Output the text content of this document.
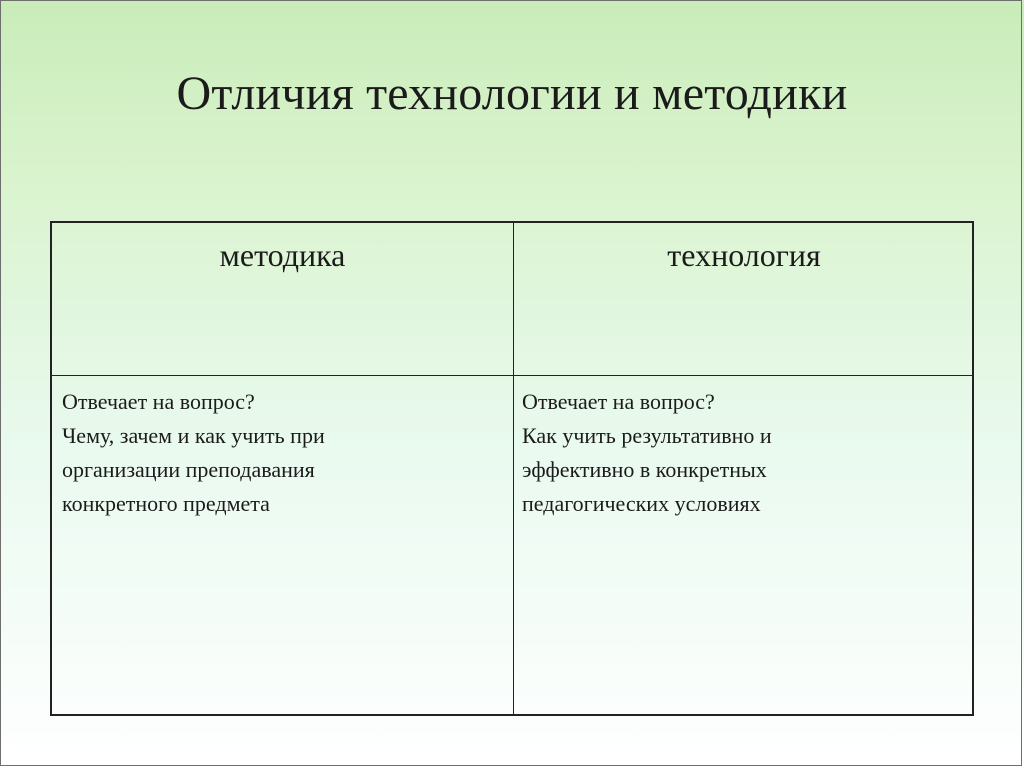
Отличия технологии и методики
методика	технология
Отвечает на вопрос?
Чему, зачем и как учить при
организации преподавания
конкретного предмета
Отвечает на вопрос?
Как учить результативно и
эффективно в конкретных
педагогических условиях
